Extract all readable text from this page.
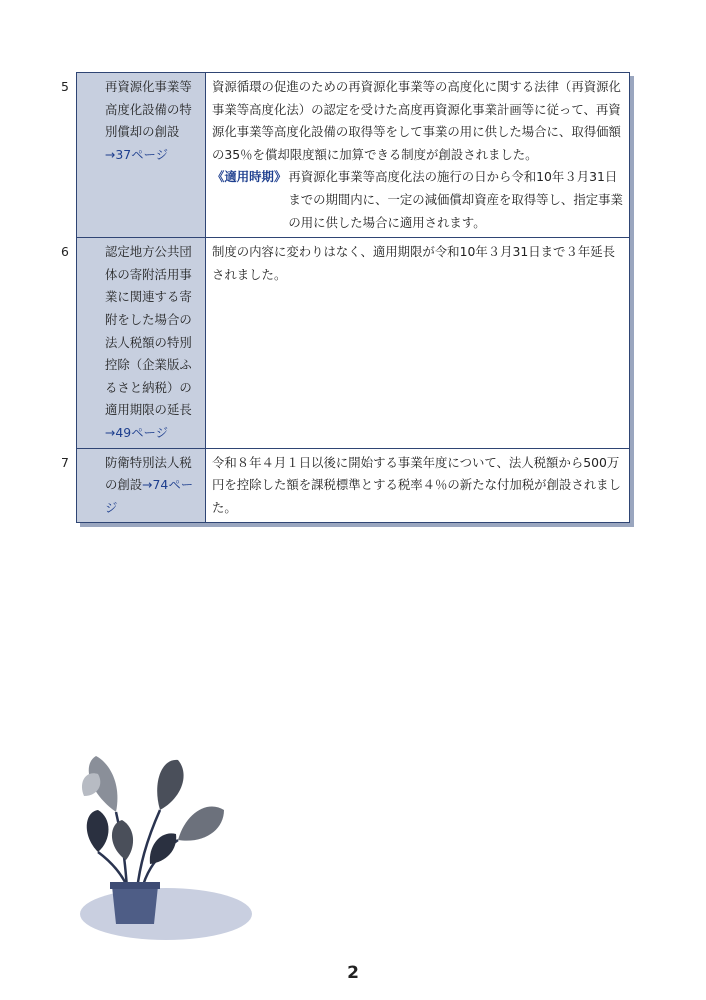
5 再資源化事業等高度化設備の特別償却の創設→37ページ	資源循環の促進のための再資源化事業等の高度化に関する法律（再資源化事業等高度化法）の認定を受けた高度再資源化事業計画等に従って、再資源化事業等高度化設備の取得等をして事業の用に供した場合に、取得価額の35％を償却限度額に加算できる制度が創設されました。
《適用時期》 再資源化事業等高度化法の施行の日から令和10年３月31日までの期間内に、一定の減価償却資産を取得等し、指定事業の用に供した場合に適用されます。

6 認定地方公共団体の寄附活用事業に関連する寄附をした場合の法人税額の特別控除（企業版ふるさと納税）の適用期限の延長→49ページ	制度の内容に変わりはなく、適用期限が令和10年３月31日まで３年延長されました。

7 防衛特別法人税の創設→74ページ	令和８年４月１日以後に開始する事業年度について、法人税額から500万円を控除した額を課税標準とする税率４％の新たな付加税が創設されました。
2
